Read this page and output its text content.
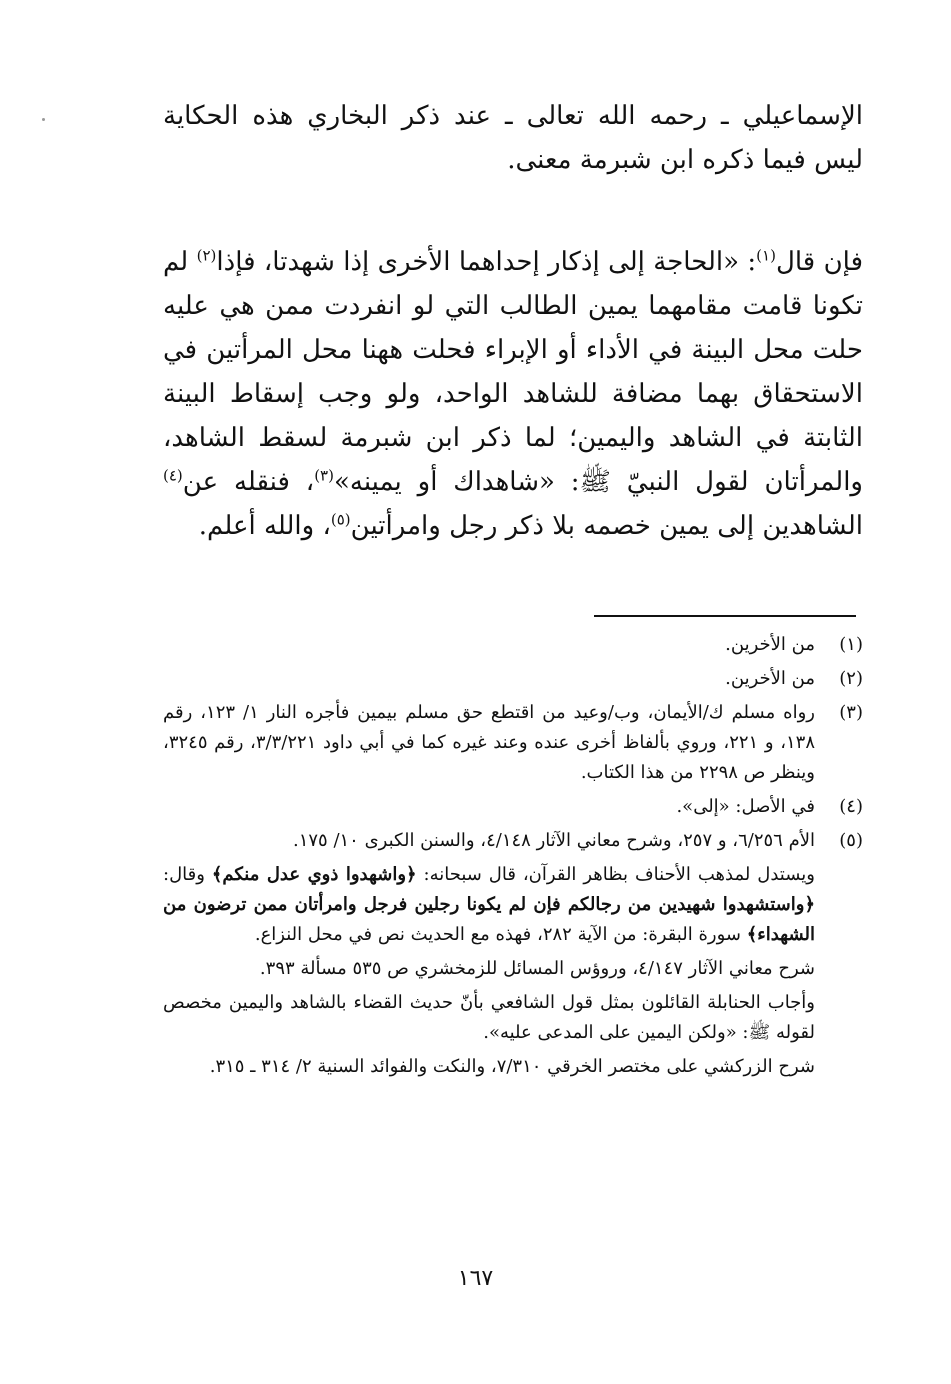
الإسماعيلي ـ رحمه الله تعالى ـ عند ذكر البخاري هذه الحكاية ليس فيما ذكره ابن شبرمة معنى.

فإن قال$^{(١)}$: «الحاجة إلى إذكار إحداهما الأخرى إذا شهدتا، فإذا$^{(٢)}$ لم تكونا قامت مقامهما يمين الطالب التي لو انفردت ممن هي عليه حلت محل البينة في الأداء أو الإبراء فحلت ههنا محل المرأتين في الاستحقاق بهما مضافة للشاهد الواحد، ولو وجب إسقاط البينة الثابتة في الشاهد واليمين؛ لما ذكر ابن شبرمة لسقط الشاهد، والمرأتان لقول النبيّ ﷺ: «شاهداك أو يمينه»$^{(٣)}$، فنقله عن$^{(٤)}$ الشاهدين إلى يمين خصمه بلا ذكر رجل وامرأتين$^{(٥)}$، والله أعلم.

(١)
من الأخرين.
(٢)
من الأخرين.
(٣)
رواه مسلم ك/الأيمان، وب/وعيد من اقتطع حق مسلم بيمين فأجره النار ١/ ١٢٣، رقم ١٣٨، و ٢٢١، وروي بألفاظ أخرى عنده وعند غيره كما في أبي داود ٣/٣/٢٢١، رقم ٣٢٤٥، وينظر ص ٢٢٩٨ من هذا الكتاب.
(٤)
في الأصل: «إلى».
(٥)
الأم ٦/٢٥٦، و ٢٥٧، وشرح معاني الآثار ٤/١٤٨، والسنن الكبرى ١٠/ ١٧٥.
ويستدل لمذهب الأحناف بظاهر القرآن، قال سبحانه: ﴿واشهدوا ذوي عدل منكم﴾ وقال: ﴿واستشهدوا شهيدين من رجالكم فإن لم يكونا رجلين فرجل وامرأتان ممن ترضون من الشهداء﴾ سورة البقرة: من الآية ٢٨٢، فهذه مع الحديث نص في محل النزاع.
شرح معاني الآثار ٤/١٤٧، وروؤس المسائل للزمخشري ص ٥٣٥ مسألة ٣٩٣.
وأجاب الحنابلة القائلون بمثل قول الشافعي بأنّ حديث القضاء بالشاهد واليمين مخصص لقوله ﷺ: «ولكن اليمين على المدعى عليه».
شرح الزركشي على مختصر الخرقي ٧/٣١٠، والنكت والفوائد السنية ٢/ ٣١٤ ـ ٣١٥.
١٦٧
